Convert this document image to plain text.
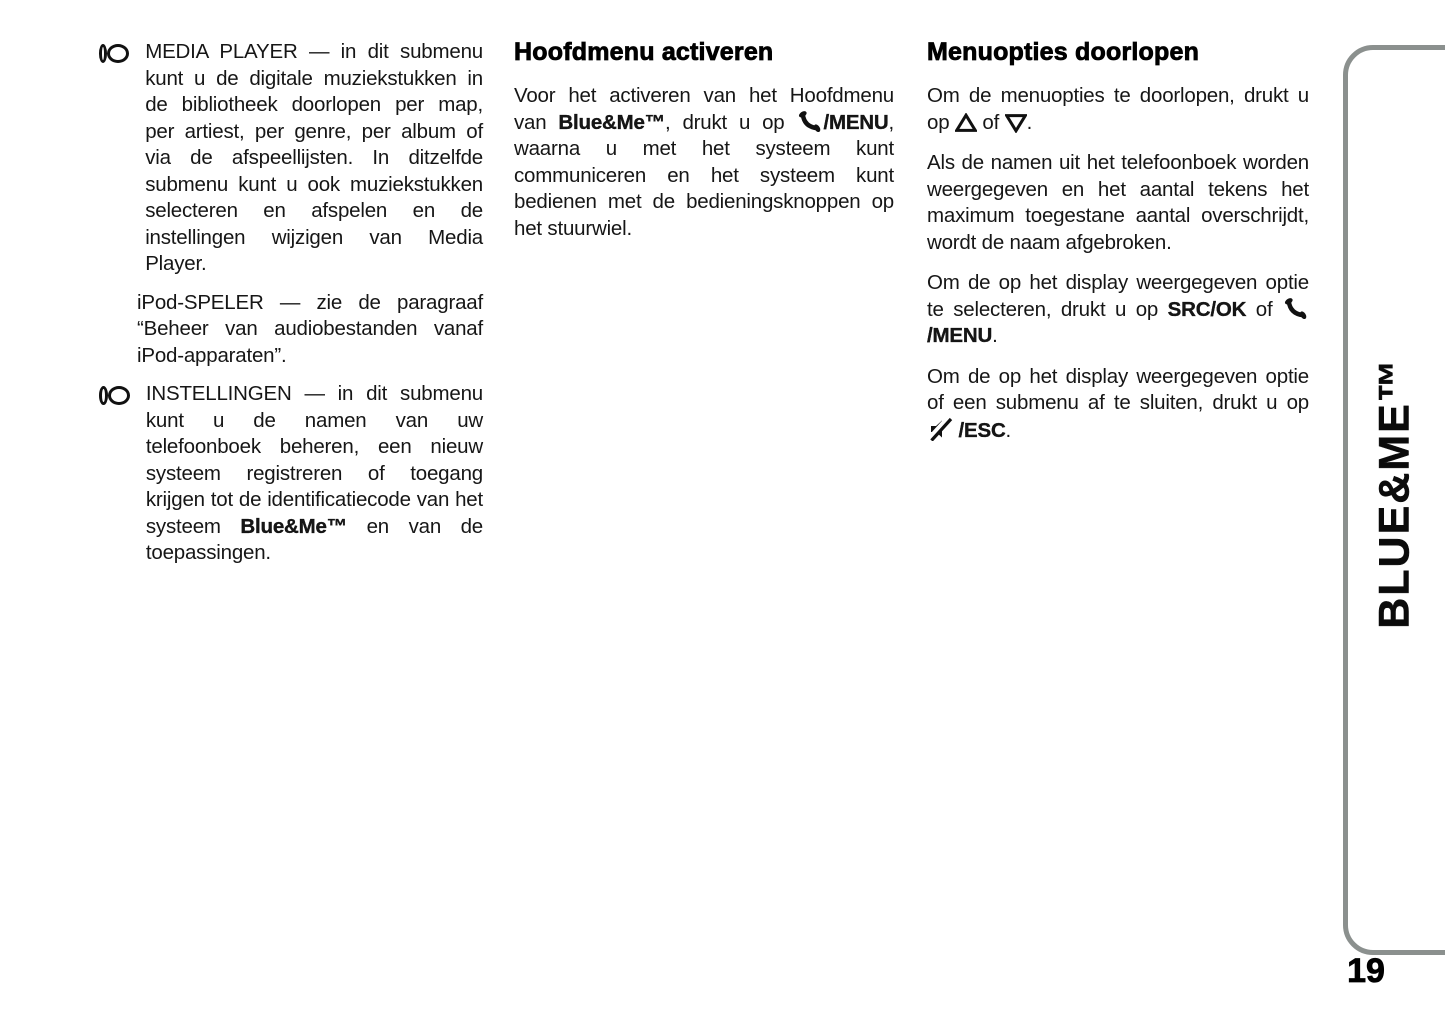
MEDIA PLAYER — in dit submenu kunt u de digitale muziekstukken in de bibliotheek doorlopen per map, per artiest, per genre, per album of via de afspeellijsten. In ditzelfde submenu kunt u ook muziekstukken selecteren en afspelen en de instellingen wijzigen van Media Player.
iPod-SPELER — zie de paragraaf “Beheer van audiobestanden vanaf iPod-apparaten”.
INSTELLINGEN — in dit submenu kunt u de namen van uw telefoonboek beheren, een nieuw systeem registreren of toegang krijgen tot de identificatiecode van het systeem Blue&Me™ en van de toepassingen.
Hoofdmenu activeren

Voor het activeren van het Hoofdmenu van Blue&Me™, drukt u op /MENU, waarna u met het systeem kunt communiceren en het systeem kunt bedienen met de bedieningsknoppen op het stuurwiel.

Menuopties doorlopen

Om de menuopties te doorlopen, drukt u op  of .

Als de namen uit het telefoonboek worden weergegeven en het aantal tekens het maximum toegestane aantal overschrijdt, wordt de naam afgebroken.

Om de op het display weergegeven optie te selecteren, drukt u op SRC/OK of /MENU.

Om de op het display weergegeven optie of een submenu af te sluiten, drukt u op  /ESC.	BLUE&ME™
19
